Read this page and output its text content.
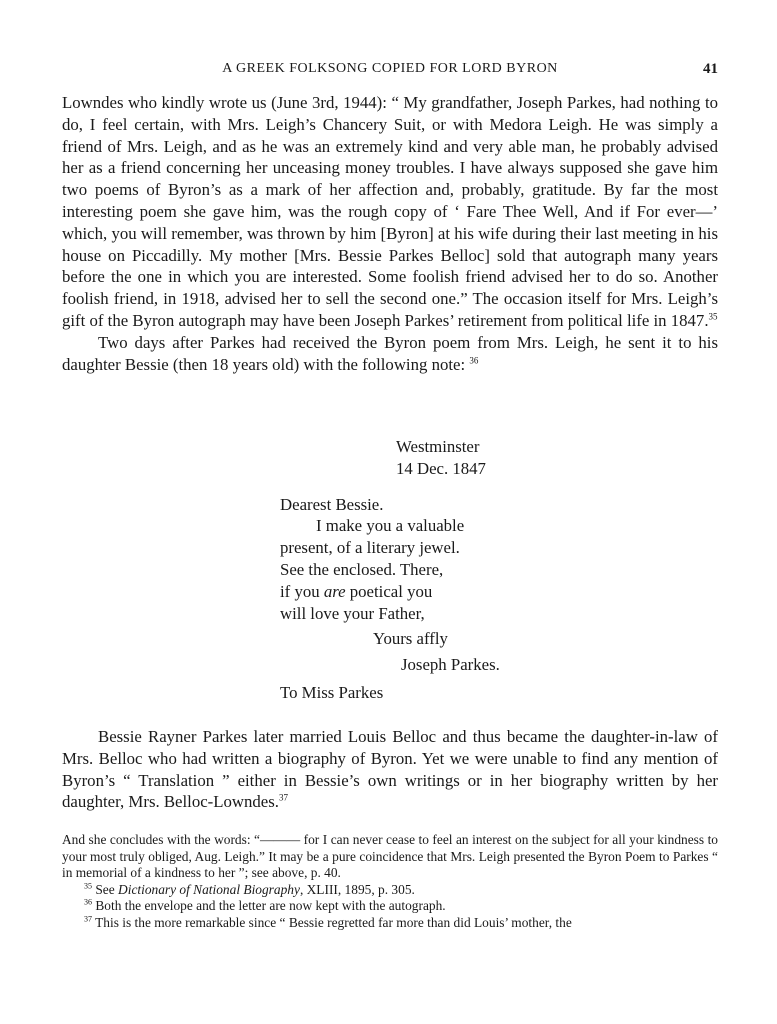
A GREEK FOLKSONG COPIED FOR LORD BYRON	41

Lowndes who kindly wrote us (June 3rd, 1944): “ My grandfather, Joseph Parkes, had nothing to do, I feel certain, with Mrs. Leigh’s Chancery Suit, or with Medora Leigh. He was simply a friend of Mrs. Leigh, and as he was an extremely kind and very able man, he probably advised her as a friend concerning her unceasing money troubles. I have always supposed she gave him two poems of Byron’s as a mark of her affection and, probably, gratitude. By far the most interesting poem she gave him, was the rough copy of ‘ Fare Thee Well, And if For ever—’ which, you will remember, was thrown by him [Byron] at his wife during their last meeting in his house on Piccadilly. My mother [Mrs. Bessie Parkes Belloc] sold that autograph many years before the one in which you are interested. Some foolish friend advised her to do so. Another foolish friend, in 1918, advised her to sell the second one.” The occasion itself for Mrs. Leigh’s gift of the Byron autograph may have been Joseph Parkes’ retirement from political life in 1847.35

Two days after Parkes had received the Byron poem from Mrs. Leigh, he sent it to his daughter Bessie (then 18 years old) with the following note: $^{36}$

Westminster
14 Dec. 1847
Dearest Bessie.
I make you a valuable
present, of a literary jewel.
See the enclosed. There,
if you are poetical you
will love your Father,
Yours affly
Joseph Parkes.
To Miss Parkes

Bessie Rayner Parkes later married Louis Belloc and thus became the daughter-in-law of Mrs. Belloc who had written a biography of Byron. Yet we were unable to find any mention of Byron’s “ Translation ” either in Bessie’s own writings or in her biography written by her daughter, Mrs. Belloc-Lowndes.$^{37}$

And she concludes with the words: “——— for I can never cease to feel an interest on the subject for all your kindness to your most truly obliged, Aug. Leigh.” It may be a pure coincidence that Mrs. Leigh presented the Byron Poem to Parkes “ in memorial of a kindness to her ”; see above, p. 40.

$^{35}$ See Dictionary of National Biography, XLIII, 1895, p. 305.

$^{36}$ Both the envelope and the letter are now kept with the autograph.

$^{37}$ This is the more remarkable since “ Bessie regretted far more than did Louis’ mother, the
